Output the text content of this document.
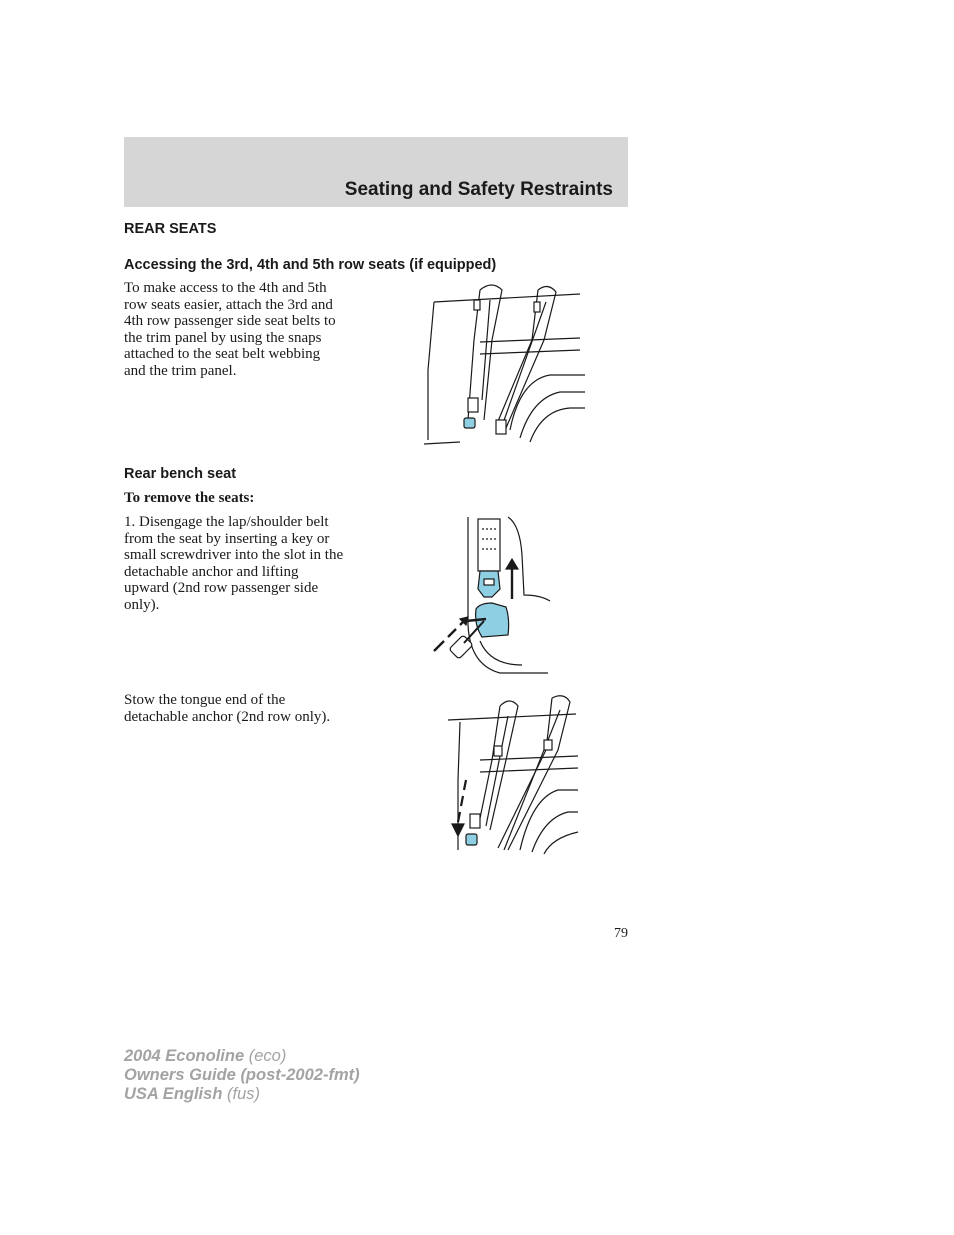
Seating and Safety Restraints
REAR SEATS
Accessing the 3rd, 4th and 5th row seats (if equipped)
To make access to the 4th and 5th
row seats easier, attach the 3rd and
4th row passenger side seat belts to
the trim panel by using the snaps
attached to the seat belt webbing
and the trim panel.
Rear bench seat
To remove the seats:
1. Disengage the lap/shoulder belt
from the seat by inserting a key or
small screwdriver into the slot in the
detachable anchor and lifting
upward (2nd row passenger side
only).
Stow the tongue end of the
detachable anchor (2nd row only).
79
2004 Econoline (eco)
Owners Guide (post-2002-fmt)
USA English (fus)
